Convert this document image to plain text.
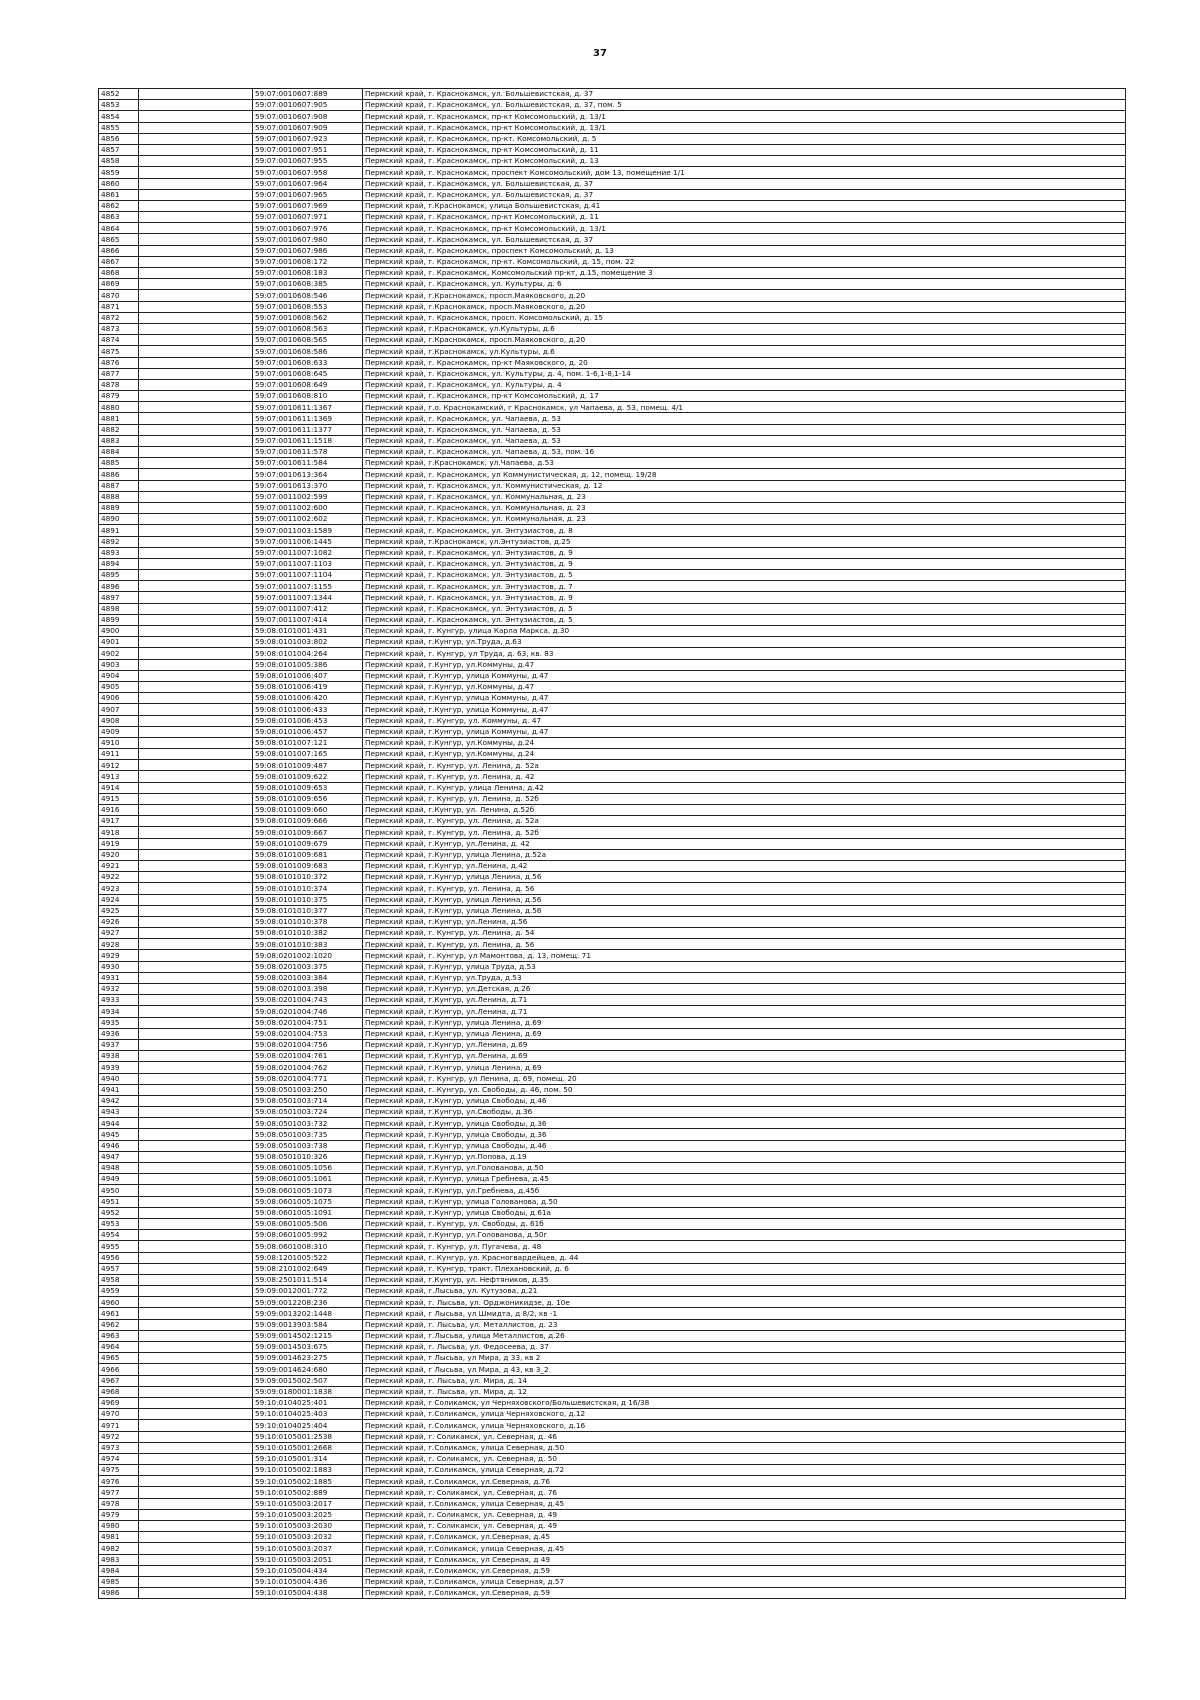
37
4852		59:07:0010607:889	Пермский край, г. Краснокамск, ул. Большевистская, д. 37
4853		59:07:0010607:905	Пермский край, г. Краснокамск, ул. Большевистская, д. 37, пом. 5
4854		59:07:0010607:908	Пермский край, г. Краснокамск, пр-кт Комсомольский, д. 13/1
4855		59:07:0010607:909	Пермский край, г. Краснокамск, пр-кт Комсомольский, д. 13/1
4856		59:07:0010607:923	Пермский край, г. Краснокамск, пр-кт. Комсомольский, д. 5
4857		59:07:0010607:951	Пермский край, г. Краснокамск, пр-кт Комсомольский, д. 11
4858		59:07:0010607:955	Пермский край, г. Краснокамск, пр-кт Комсомольский, д. 13
4859		59:07:0010607:958	Пермский край, г. Краснокамск, проспект Комсомольский, дом 13, помещение 1/1
4860		59:07:0010607:964	Пермский край, г. Краснокамск, ул. Большевистская, д. 37
4861		59:07:0010607:965	Пермский край, г. Краснокамск, ул. Большевистская, д. 37
4862		59:07:0010607:969	Пермский край, г.Краснокамск, улица Большевистская, д.41
4863		59:07:0010607:971	Пермский край, г. Краснокамск, пр-кт Комсомольский, д. 11
4864		59:07:0010607:976	Пермский край, г. Краснокамск, пр-кт Комсомольский, д. 13/1
4865		59:07:0010607:980	Пермский край, г. Краснокамск, ул. Большевистская, д. 37
4866		59:07:0010607:986	Пермский край, г. Краснокамск, проспект Комсомольский, д. 13
4867		59:07:0010608:172	Пермский край, г. Краснокамск, пр-кт. Комсомольский, д. 15, пом. 22
4868		59:07:0010608:183	Пермский край, г. Краснокамск, Комсомольский пр-кт, д.15, помещение 3
4869		59:07:0010608:385	Пермский край, г. Краснокамск, ул. Культуры, д. 6
4870		59:07:0010608:546	Пермский край, г.Краснокамск, просп.Маяковского, д.20
4871		59:07:0010608:553	Пермский край, г.Краснокамск, просп.Маяковского, д.20
4872		59:07:0010608:562	Пермский край, г. Краснокамск, просп. Комсомольский, д. 15
4873		59:07:0010608:563	Пермский край, г.Краснокамск, ул.Культуры, д.6
4874		59:07:0010608:565	Пермский край, г.Краснокамск, просп.Маяковского, д.20
4875		59:07:0010608:586	Пермский край, г.Краснокамск, ул.Культуры, д.6
4876		59:07:0010608:633	Пермский край, г. Краснокамск, пр-кт Маяковского, д. 20
4877		59:07:0010608:645	Пермский край, г. Краснокамск, ул. Культуры, д. 4, пом. 1-6,1-8,1-14
4878		59:07:0010608:649	Пермский край, г. Краснокамск, ул. Культуры, д. 4
4879		59:07:0010608:810	Пермский край, г. Краснокамск, пр-кт Комсомольский, д. 17
4880		59:07:0010611:1367	Пермский край, г.о. Краснокамский, г Краснокамск, ул Чапаева, д. 53, помещ. 4/1
4881		59:07:0010611:1369	Пермский край, г. Краснокамск, ул. Чапаева, д. 53
4882		59:07:0010611:1377	Пермский край, г. Краснокамск, ул. Чапаева, д. 53
4883		59:07:0010611:1518	Пермский край, г. Краснокамск, ул. Чапаева, д. 53
4884		59:07:0010611:578	Пермский край, г. Краснокамск, ул. Чапаева, д. 53, пом. 16
4885		59:07:0010611:584	Пермский край, г.Краснокамск, ул.Чапаева, д.53
4886		59:07:0010613:364	Пермский край, г. Краснокамск, ул Коммунистическая, д. 12, помещ. 19/28
4887		59:07:0010613:370	Пермский край, г. Краснокамск, ул. Коммунистическая, д. 12
4888		59:07:0011002:599	Пермский край, г. Краснокамск, ул. Коммунальная, д. 23
4889		59:07:0011002:600	Пермский край, г. Краснокамск, ул. Коммунальная, д. 23
4890		59:07:0011002:602	Пермский край, г. Краснокамск, ул. Коммунальная, д. 23
4891		59:07:0011003:1589	Пермский край, г. Краснокамск, ул. Энтузиастов, д. 8
4892		59:07:0011006:1445	Пермский край, г.Краснокамск, ул.Энтузиастов, д.25
4893		59:07:0011007:1082	Пермский край, г. Краснокамск, ул. Энтузиастов, д. 9
4894		59:07:0011007:1103	Пермский край, г. Краснокамск, ул. Энтузиастов, д. 9
4895		59:07:0011007:1104	Пермский край, г. Краснокамск, ул. Энтузиастов, д. 5
4896		59:07:0011007:1155	Пермский край, г. Краснокамск, ул. Энтузиастов, д. 7
4897		59:07:0011007:1344	Пермский край, г. Краснокамск, ул. Энтузиастов, д. 9
4898		59:07:0011007:412	Пермский край, г. Краснокамск, ул. Энтузиастов, д. 5
4899		59:07:0011007:414	Пермский край, г. Краснокамск, ул. Энтузиастов, д. 5
4900		59:08:0101001:431	Пермский край, г. Кунгур, улица Карла Маркса, д.30
4901		59:08:0101003:802	Пермский край, г.Кунгур, ул.Труда, д.63
4902		59:08:0101004:264	Пермский край, г. Кунгур, ул Труда, д. 63, кв. 83
4903		59:08:0101005:386	Пермский край, г.Кунгур, ул.Коммуны, д.47
4904		59:08:0101006:407	Пермский край, г.Кунгур, улица Коммуны, д.47
4905		59:08:0101006:419	Пермский край, г.Кунгур, ул.Коммуны, д.47
4906		59:08:0101006:420	Пермский край, г.Кунгур, улица Коммуны, д.47
4907		59:08:0101006:433	Пермский край, г.Кунгур, улица Коммуны, д.47
4908		59:08:0101006:453	Пермский край, г. Кунгур, ул. Коммуны, д. 47
4909		59:08:0101006:457	Пермский край, г.Кунгур, улица Коммуны, д.47
4910		59:08:0101007:121	Пермский край, г.Кунгур, ул.Коммуны, д.24
4911		59:08:0101007:165	Пермский край, г.Кунгур, ул.Коммуны, д.24
4912		59:08:0101009:487	Пермский край, г. Кунгур, ул. Ленина, д. 52а
4913		59:08:0101009:622	Пермский край, г. Кунгур, ул. Ленина, д. 42
4914		59:08:0101009:653	Пермский край, г. Кунгур, улица Ленина, д.42
4915		59:08:0101009:656	Пермский край, г. Кунгур, ул. Ленина, д. 52б
4916		59:08:0101009:660	Пермский край, г.Кунгур, ул. Ленина, д.52б
4917		59:08:0101009:666	Пермский край, г. Кунгур, ул. Ленина, д. 52а
4918		59:08:0101009:667	Пермский край, г. Кунгур, ул. Ленина, д. 52б
4919		59:08:0101009:679	Пермский край, г.Кунгур, ул.Ленина, д. 42
4920		59:08:0101009:681	Пермский край, г.Кунгур, улица Ленина, д.52а
4921		59:08:0101009:683	Пермский край, г.Кунгур, ул.Ленина, д.42
4922		59:08:0101010:372	Пермский край, г.Кунгур, улица Ленина, д.56
4923		59:08:0101010:374	Пермский край, г. Кунгур, ул. Ленина, д. 56
4924		59:08:0101010:375	Пермский край, г.Кунгур, улица Ленина, д.56
4925		59:08:0101010:377	Пермский край, г.Кунгур, улица Ленина, д.56
4926		59:08:0101010:378	Пермский край, г.Кунгур, ул.Ленина, д.56
4927		59:08:0101010:382	Пермский край, г. Кунгур, ул. Ленина, д. 54
4928		59:08:0101010:383	Пермский край, г. Кунгур, ул. Ленина, д. 56
4929		59:08:0201002:1020	Пермский край, г. Кунгур, ул Мамонтова, д. 13, помещ. 71
4930		59:08:0201003:375	Пермский край, г.Кунгур, улица Труда, д.53
4931		59:08:0201003:384	Пермский край, г.Кунгур, ул.Труда, д.53
4932		59:08:0201003:398	Пермский край, г.Кунгур, ул.Детская, д.26
4933		59:08:0201004:743	Пермский край, г.Кунгур, ул.Ленина, д.71
4934		59:08:0201004:746	Пермский край, г.Кунгур, ул.Ленина, д.71
4935		59:08:0201004:751	Пермский край, г.Кунгур, улица Ленина, д.69
4936		59:08:0201004:753	Пермский край, г.Кунгур, улица Ленина, д.69
4937		59:08:0201004:756	Пермский край, г.Кунгур, ул.Ленина, д.69
4938		59:08:0201004:761	Пермский край, г.Кунгур, ул.Ленина, д.69
4939		59:08:0201004:762	Пермский край, г.Кунгур, улица Ленина, д.69
4940		59:08:0201004:771	Пермский край, г. Кунгур, ул Ленина, д. 69, помещ. 20
4941		59:08:0501003:250	Пермский край, г. Кунгур, ул. Свободы, д. 46, пом. 50
4942		59:08:0501003:714	Пермский край, г.Кунгур, улица Свободы, д.46
4943		59:08:0501003:724	Пермский край, г.Кунгур, ул.Свободы, д.36
4944		59:08:0501003:732	Пермский край, г.Кунгур, улица Свободы, д.36
4945		59:08:0501003:735	Пермский край, г.Кунгур, улица Свободы, д.36
4946		59:08:0501003:738	Пермский край, г.Кунгур, улица Свободы, д.46
4947		59:08:0501010:326	Пермский край, г.Кунгур, ул.Попова, д.19
4948		59:08:0601005:1056	Пермский край, г.Кунгур, ул.Голованова, д.50
4949		59:08:0601005:1061	Пермский край, г.Кунгур, улица Гребнева, д.45
4950		59:08:0601005:1073	Пермский край, г.Кунгур, ул.Гребнева, д.45б
4951		59:08:0601005:1075	Пермский край, г.Кунгур, улица Голованова, д.50
4952		59:08:0601005:1091	Пермский край, г.Кунгур, улица Свободы, д.61а
4953		59:08:0601005:506	Пермский край, г. Кунгур, ул. Свободы, д. 61б
4954		59:08:0601005:992	Пермский край, г.Кунгур, ул.Голованова, д.50г
4955		59:08:0601008:310	Пермский край, г. Кунгур, ул. Пугачева, д. 48
4956		59:08:1201005:522	Пермский край, г. Кунгур, ул. Красногвардейцев, д. 44
4957		59:08:2101002:649	Пермский край, г. Кунгур, тракт. Плехановский, д. 6
4958		59:08:2501011:514	Пермский край, г.Кунгур, ул. Нефтяников, д.35
4959		59:09:0012001:772	Пермский край, г.Лысьва, ул. Кутузова, д.21
4960		59:09:0012208:236	Пермский край, г. Лысьва, ул. Орджоникидзе, д. 10е
4961		59:09:0013202:1448	Пермский край, г Лысьва, ул Шмидта, д 8/2, кв -1
4962		59:09:0013903:584	Пермский край, г. Лысьва, ул. Металлистов, д. 23
4963		59:09:0014502:1215	Пермский край, г.Лысьва, улица Металлистов, д.26
4964		59:09:0014503:675	Пермский край, г. Лысьва, ул. Федосеева, д. 37
4965		59:09:0014623:275	Пермский край, г Лысьва, ул Мира, д 33, кв 2
4966		59:09:0014624:680	Пермский край, г Лысьва, ул Мира, д 43, кв 3_2
4967		59:09:0015002:507	Пермский край, г. Лысьва, ул. Мира, д. 14
4968		59:09:0180001:1838	Пермский край, г. Лысьва, ул. Мира, д. 12
4969		59:10:0104025:401	Пермский край, г Соликамск, ул Черняховского/Большевистская, д 16/38
4970		59:10:0104025:403	Пермский край, г.Соликамск, улица Черняховского, д.12
4971		59:10:0104025:404	Пермский край, г.Соликамск, улица Черняховского, д.16
4972		59:10:0105001:2538	Пермский край, г. Соликамск, ул. Северная, д. 46
4973		59:10:0105001:2668	Пермский край, г.Соликамск, улица Северная, д.50
4974		59:10:0105001:314	Пермский край, г. Соликамск, ул. Северная, д. 50
4975		59:10:0105002:1883	Пермский край, г.Соликамск, улица Северная, д.72
4976		59:10:0105002:1885	Пермский край, г.Соликамск, ул.Северная, д.76
4977		59:10:0105002:889	Пермский край, г. Соликамск, ул. Северная, д. 76
4978		59:10:0105003:2017	Пермский край, г.Соликамск, улица Северная, д.45
4979		59:10:0105003:2025	Пермский край, г. Соликамск, ул. Северная, д. 49
4980		59:10:0105003:2030	Пермский край, г. Соликамск, ул. Северная, д. 49
4981		59:10:0105003:2032	Пермский край, г.Соликамск, ул.Северная, д.45
4982		59:10:0105003:2037	Пермский край, г.Соликамск, улица Северная, д.45
4983		59:10:0105003:2051	Пермский край, г Соликамск, ул Северная, д 49
4984		59:10:0105004:434	Пермский край, г.Соликамск, ул.Северная, д.59
4985		59:10:0105004:436	Пермский край, г.Соликамск, улица Северная, д.57
4986		59:10:0105004:438	Пермский край, г.Соликамск, ул.Северная, д.59
